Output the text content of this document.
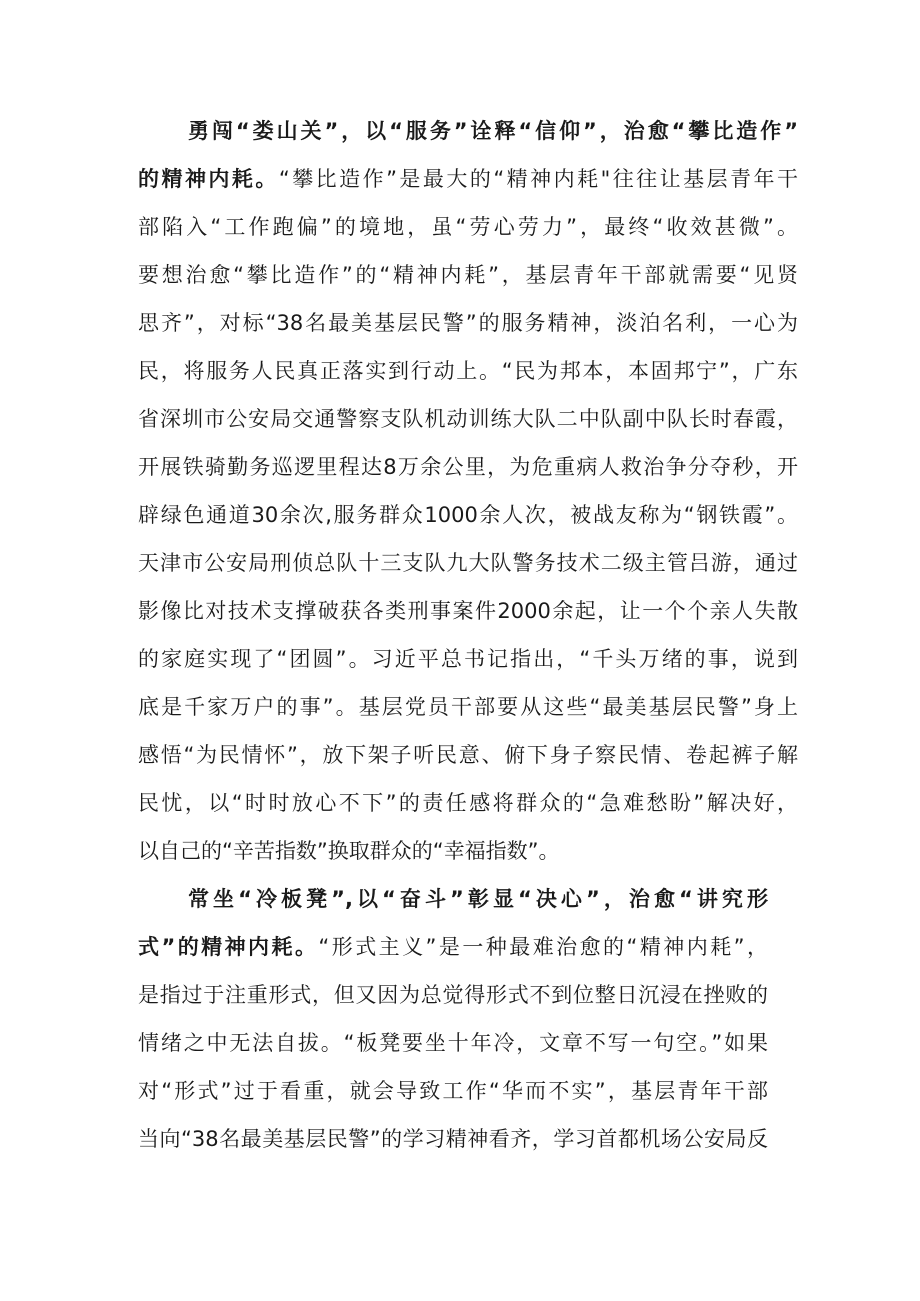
勇闯“娄山关”，以“服务”诠释“信仰”，治愈“攀比造作”
的精神内耗。“攀比造作”是最大的“精神内耗"往往让基层青年干
部陷入“工作跑偏”的境地，虽“劳心劳力”，最终“收效甚微”。
要想治愈“攀比造作”的“精神内耗”，基层青年干部就需要“见贤
思齐”，对标“38名最美基层民警”的服务精神，淡泊名利，一心为
民，将服务人民真正落实到行动上。“民为邦本，本固邦宁”，广东
省深圳市公安局交通警察支队机动训练大队二中队副中队长时春霞，
开展铁骑勤务巡逻里程达8万余公里，为危重病人救治争分夺秒，开
辟绿色通道30余次,服务群众1000余人次，被战友称为“钢铁霞”。
天津市公安局刑侦总队十三支队九大队警务技术二级主管吕游，通过
影像比对技术支撑破获各类刑事案件2000余起，让一个个亲人失散
的家庭实现了“团圆”。习近平总书记指出，“千头万绪的事，说到
底是千家万户的事”。基层党员干部要从这些“最美基层民警”身上
感悟“为民情怀”，放下架子听民意、俯下身子察民情、卷起裤子解
民忧，以“时时放心不下”的责任感将群众的“急难愁盼”解决好，
以自己的“辛苦指数”换取群众的“幸福指数”。
常坐“冷板凳”,以“奋斗”彰显“决心”，治愈“讲究形
式”的精神内耗。“形式主义”是一种最难治愈的“精神内耗”，
是指过于注重形式，但又因为总觉得形式不到位整日沉浸在挫败的
情绪之中无法自拔。“板凳要坐十年冷，文章不写一句空。”如果
对“形式”过于看重，就会导致工作“华而不实”，基层青年干部
当向“38名最美基层民警”的学习精神看齐，学习首都机场公安局反
